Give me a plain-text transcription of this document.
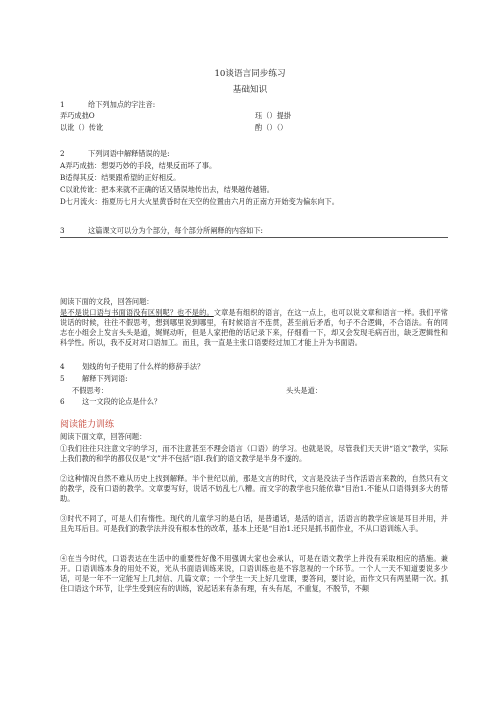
10谈语言同步练习
基础知识
1	给下列加点的字注音:
弄巧成拙O	珏（）提掛
以讹（）传讹	酌（）（）
2	下列词语中解释错误的是:
A弄巧成拙：想耍巧妙的手段，结果反而坏了事。
B适得其反：结果跟希望的正好相反。
C以讹传讹：把本来就不正确的话又错误地传出去，结果越传越错。
D七月流火：指夏历七月大火星黄昏时在天空的位置由六月的正南方开始变为偏东向下。
3	这篇课文可以分为个部分，每个部分所阐释的内容如下:
阅读下面的文段，回答问题：
是不是说口语与书面语没有区别呢？也不是的。文章是有组织的语言，在这一点上，也可以说文章和语言一样。我们平常说话的时候，往往不假思考，想到哪里说到哪里，有时候语言不连贯，甚至前后矛盾，句子不合逻辑，不合语法。有的同志在小组会上发言头头是道，娓娓动听，但是人家把他的话记录下来，仔细看一下，却又会发现毛病百出，缺乏逻辑性和科学性。所以，我不反对对口语加工。而且，我一直是主张口语要经过加工才能上升为书面语。
4 划线的句子使用了什么样的修辞手法？
5 解释下列词语:
不假思考：	头头是道：
6 这一文段的论点是什么？
阅读能力训练
阅读下面文章，回答问题：
①我们往往只注意文字的学习，而不注意甚至不理会语言（口语）的学习。也就是说，尽管我们天天讲“语文”教学，实际上我们教的和学的都仅仅是“文”并不包括“语I.我们的语文教学是半身不遂的。
②这种情况自然不难从历史上找到解释。半个世纪以前，那是文言的时代，文言是没法子当作活语言来教的，自然只有文的教学，没有口语的教学。文章要写好，说话不妨乱七八糟。而文字的教学也只能依靠“目治1.不能从口语得到多大的帮助。
③时代不同了，可是人们有惰性。现代的儿童学习的是白话，是普通话，是活的语言，活语言的教学应该是耳目并用，并且先耳后目。可是我们的教学法并没有根本性的改革，基本上还是“目治1.还只是抓书面作业，不从口语训练入手。
④在当今时代，口语表达在生活中的重要性好像不用强调大家也会承认，可是在语文教学上并没有采取相应的措施。兼开。口语训练本身的用处不说，光从书面语训练来说，口语训练也是不容忽视的一个环节。一个人一天不知道要说多少话，可是一年不一定能写上几封信、几篇文章；一个学生一天上好几堂课，要答问，要讨论，而作文只有两星期一次。抓住口语这个环节，让学生受到应有的训练，说起话来有条有理，有头有尾，不重复，不脱节，不颠
